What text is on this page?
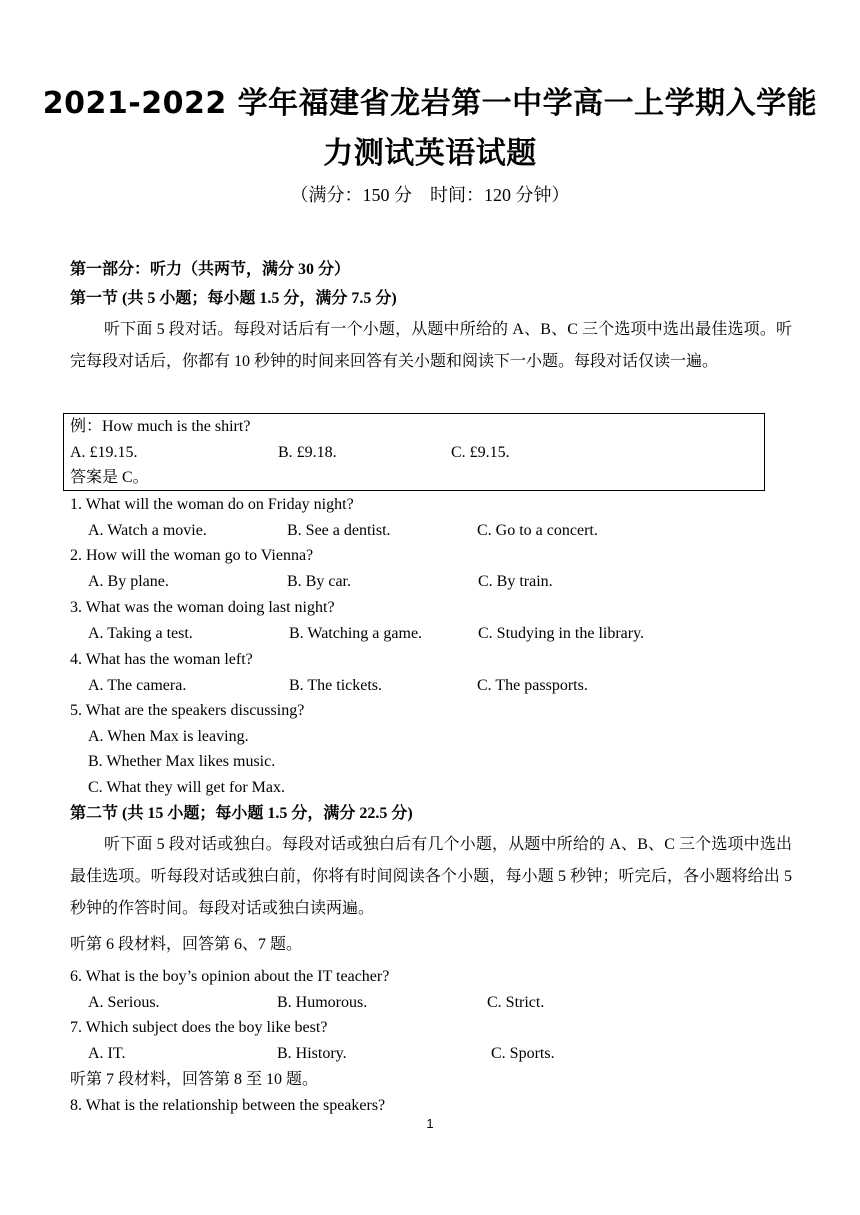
2021-2022 学年福建省龙岩第一中学高一上学期入学能
力测试英语试题
（满分：150 分　时间：120 分钟）
第一部分：听力（共两节，满分 30 分）
第一节 (共 5 小题；每小题 1.5 分，满分 7.5 分)
听下面 5 段对话。每段对话后有一个小题，从题中所给的 A、B、C 三个选项中选出最佳选项。听完每段对话后，你都有 10 秒钟的时间来回答有关小题和阅读下一小题。每段对话仅读一遍。
例：How much is the shirt?
A. £19.15.	B. £9.18.	C. £9.15.
答案是 C。
1. What will the woman do on Friday night?
A. Watch a movie.	B. See a dentist.	C. Go to a concert.
2. How will the woman go to Vienna?
A. By plane.	B. By car.	C. By train.
3. What was the woman doing last night?
A. Taking a test.	B. Watching a game.	C. Studying in the library.
4. What has the woman left?
A. The camera.	B. The tickets.	C. The passports.
5. What are the speakers discussing?
A. When Max is leaving.
B. Whether Max likes music.
C. What they will get for Max.
第二节 (共 15 小题；每小题 1.5 分，满分 22.5 分)
听下面 5 段对话或独白。每段对话或独白后有几个小题，从题中所给的 A、B、C 三个选项中选出最佳选项。听每段对话或独白前，你将有时间阅读各个小题，每小题 5 秒钟；听完后，各小题将给出 5 秒钟的作答时间。每段对话或独白读两遍。
听第 6 段材料，回答第 6、7 题。
6. What is the boy’s opinion about the IT teacher?
A. Serious.	B. Humorous.	C. Strict.
7. Which subject does the boy like best?
A. IT.	B. History.	C. Sports.
听第 7 段材料，回答第 8 至 10 题。
8. What is the relationship between the speakers?
1
